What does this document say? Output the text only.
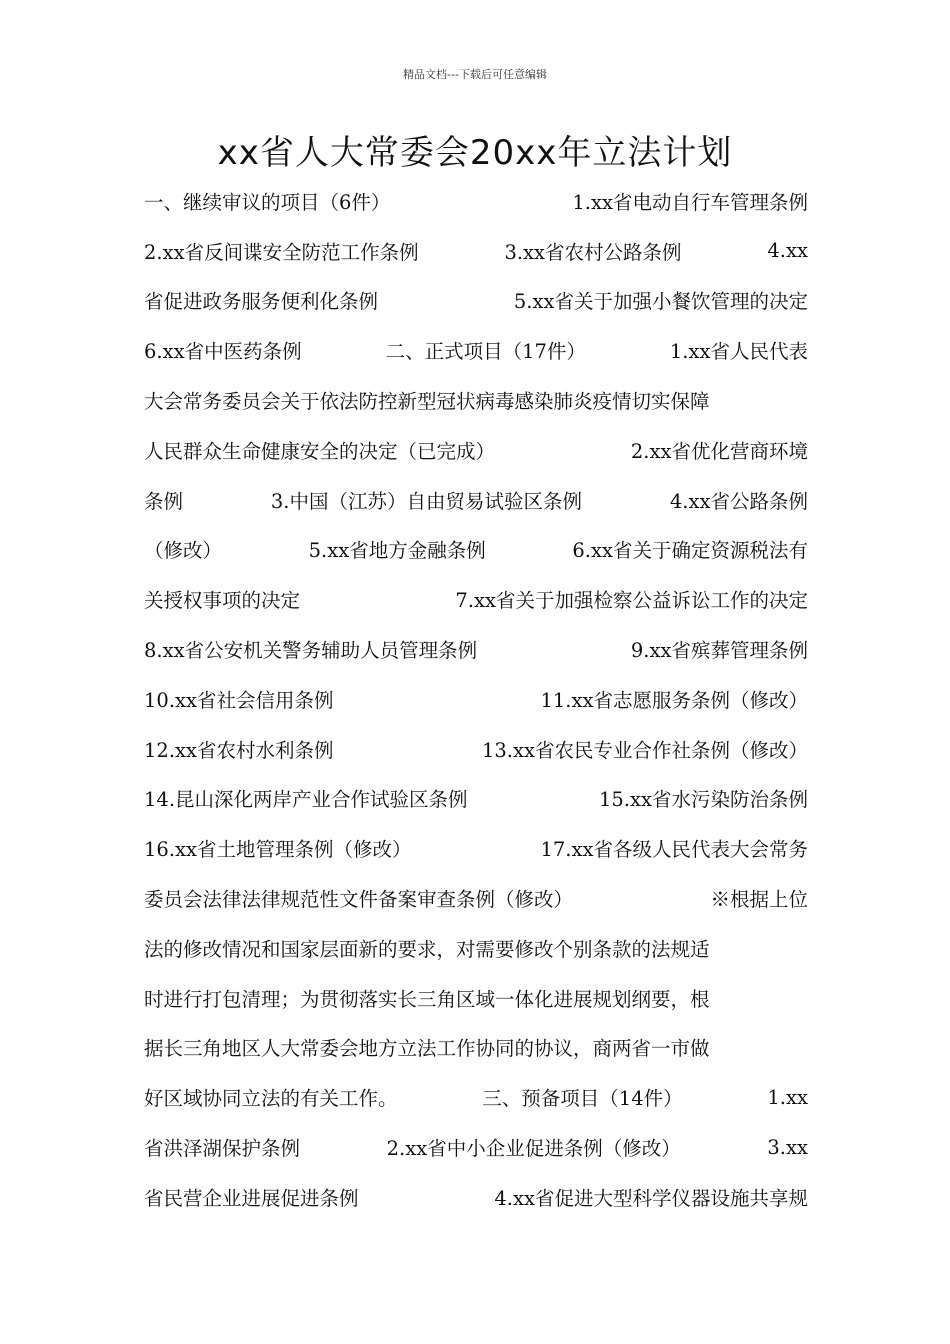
精品文档---下载后可任意编辑
xx省人大常委会20xx年立法计划
一、继续审议的项目（6件）	1.xx省电动自行车管理条例
2.xx省反间谍安全防范工作条例	3.xx省农村公路条例	4.xx
省促进政务服务便利化条例	5.xx省关于加强小餐饮管理的决定
6.xx省中医药条例	二、正式项目（17件）	1.xx省人民代表
大会常务委员会关于依法防控新型冠状病毒感染肺炎疫情切实保障
人民群众生命健康安全的决定（已完成）	2.xx省优化营商环境
条例	3.中国（江苏）自由贸易试验区条例	4.xx省公路条例
（修改）	5.xx省地方金融条例	6.xx省关于确定资源税法有
关授权事项的决定	7.xx省关于加强检察公益诉讼工作的决定
8.xx省公安机关警务辅助人员管理条例	9.xx省殡葬管理条例
10.xx省社会信用条例	11.xx省志愿服务条例（修改）
12.xx省农村水利条例	13.xx省农民专业合作社条例（修改）
14.昆山深化两岸产业合作试验区条例	15.xx省水污染防治条例
16.xx省土地管理条例（修改）	17.xx省各级人民代表大会常务
委员会法律法律规范性文件备案审查条例（修改）	※根据上位
法的修改情况和国家层面新的要求，对需要修改个别条款的法规适
时进行打包清理；为贯彻落实长三角区域一体化进展规划纲要，根
据长三角地区人大常委会地方立法工作协同的协议，商两省一市做
好区域协同立法的有关工作。	三、预备项目（14件）	1.xx
省洪泽湖保护条例	2.xx省中小企业促进条例（修改）	3.xx
省民营企业进展促进条例	4.xx省促进大型科学仪器设施共享规
